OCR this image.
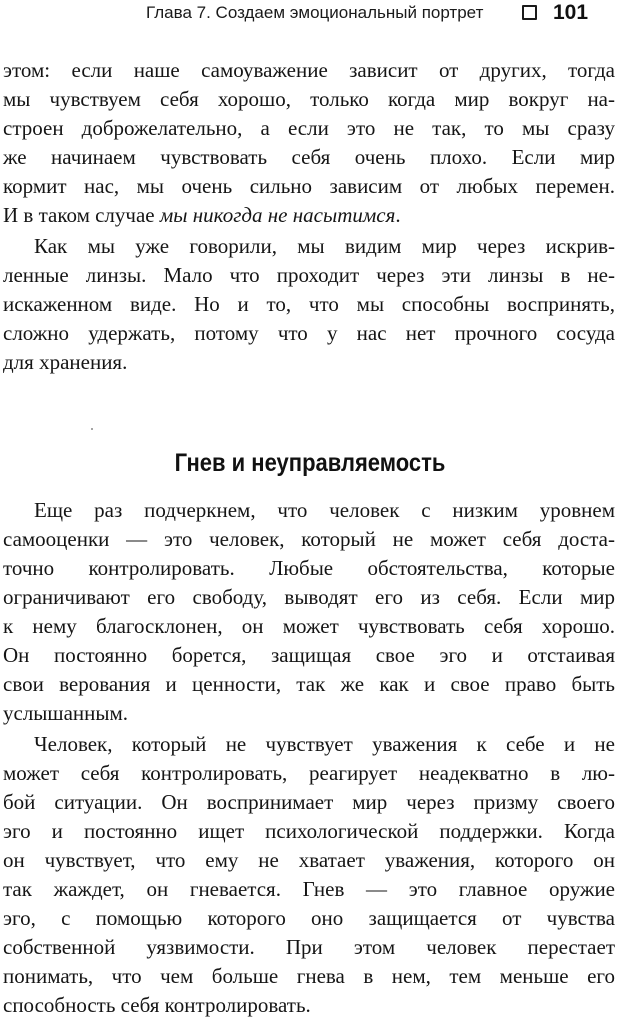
Глава 7. Создаем эмоциональный портрет	101
этом: если наше самоуважение зависит от других, тогда
мы чувствуем себя хорошо, только когда мир вокруг на-
строен доброжелательно, а если это не так, то мы сразу
же начинаем чувствовать себя очень плохо. Если мир
кормит нас, мы очень сильно зависим от любых перемен.
И в таком случае мы никогда не насытимся.
Как мы уже говорили, мы видим мир через искрив-
ленные линзы. Мало что проходит через эти линзы в не-
искаженном виде. Но и то, что мы способны воспринять,
сложно удержать, потому что у нас нет прочного сосуда
для хранения.
Гнев и неуправляемость
Еще раз подчеркнем, что человек с низким уровнем
самооценки — это человек, который не может себя доста-
точно контролировать. Любые обстоятельства, которые
ограничивают его свободу, выводят его из себя. Если мир
к нему благосклонен, он может чувствовать себя хорошо.
Он постоянно борется, защищая свое эго и отстаивая
свои верования и ценности, так же как и свое право быть
услышанным.
Человек, который не чувствует уважения к себе и не
может себя контролировать, реагирует неадекватно в лю-
бой ситуации. Он воспринимает мир через призму своего
эго и постоянно ищет психологической поддержки. Когда
он чувствует, что ему не хватает уважения, которого он
так жаждет, он гневается. Гнев — это главное оружие
эго, с помощью которого оно защищается от чувства
собственной уязвимости. При этом человек перестает
понимать, что чем больше гнева в нем, тем меньше его
способность себя контролировать.
